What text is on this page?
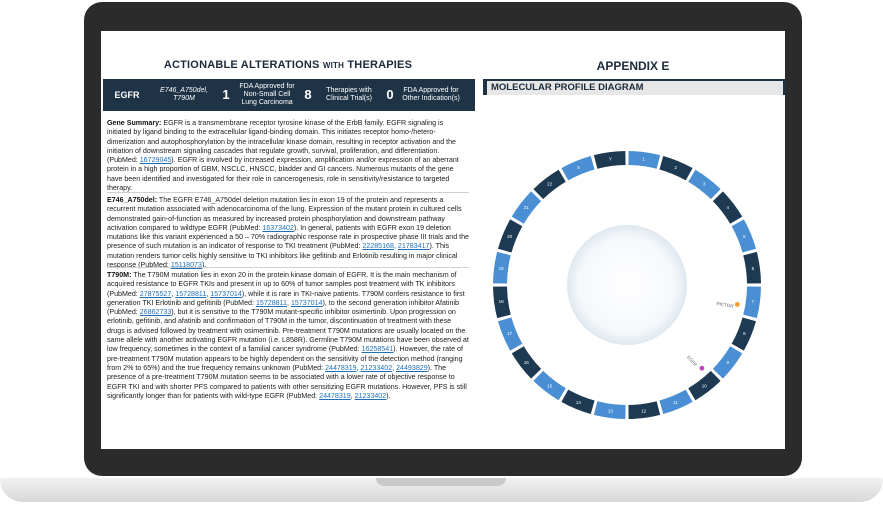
ACTIONABLE ALTERATIONS WITH THERAPIES
EGFR	E746_A750del,
T790M	1
FDA Approved for Non-Small Cell Lung Carcinoma
8	Therapies with Clinical Trial(s)	0	FDA Approved for Other Indication(s)
Gene Summary: EGFR is a transmembrane receptor tyrosine kinase of the ErbB family. EGFR signaling is initiated by ligand binding to the extracellular ligand-binding domain. This initiates receptor homo-/hetero-dimerization and autophosphorylation by the intracellular kinase domain, resulting in receptor activation and the initiation of downstream signaling cascades that regulate growth, survival, proliferation, and differentiation. (PubMed: 16729045). EGFR is involved by increased expression, amplification and/or expression of an aberrant protein in a high proportion of GBM, NSCLC, HNSCC, bladder and GI cancers. Numerous mutants of the gene have been identified and investigated for their role in cancerogenesis, role in sensitivity/resistance to targeted therapy.
E746_A750del: The EGFR E746_A750del deletion mutation lies in exon 19 of the protein and represents a recurrent mutation associated with adenocarcinoma of the lung. Expression of the mutant protein in cultured cells demonstrated gain-of-function as measured by increased protein phosphorylation and downstream pathway activation compared to wildtype EGFR (PubMed: 16373402). In general, patients with EGFR exon 19 deletion mutations like this variant experienced a 50 – 70% radiographic response rate in prospective phase III trials and the presence of such mutation is an indicator of response to TKI treatment (PubMed: 22285168, 21783417). This mutation renders tumor cells highly sensitive to TKI inhibitors like gefitinib and Erlotinib resulting in major clinical response (PubMed: 15118073).
T790M: The T790M mutation lies in exon 20 in the protein kinase domain of EGFR. It is the main mechanism of acquired resistance to EGFR TKIs and present in up to 60% of tumor samples post treatment with TK inhibitors (PubMed: 27875527, 15728811, 15737014), while it is rare in TKI-naive patients. T790M confers resistance to first generation TKI Erlotinib and gefitinib (PubMed: 15728811, 15737014), to the second generation inhibitor Afatinib (PubMed: 26862733), but it is sensitive to the T790M mutant-specific inhibitor osimertinib. Upon progression on erlotinib, gefitinib, and afatinib and confirmation of T790M in the tumor, discontinuation of treatment with these drugs is advised followed by treatment with osimertinib. Pre-treatment T790M mutations are usually located on the same allele with another activating EGFR mutation (i.e. L858R). Germline T790M mutations have been observed at low frequency, sometimes in the context of a familial cancer syndrome (PubMed: 16258541). However, the rate of pre-treatment T790M mutation appears to be highly dependent on the sensitivity of the detection method (ranging from 2% to 65%) and the true frequency remains unknown (PubMed: 24478319, 21233402, 24493829). The presence of a pre-treatment T790M mutation seems to be associated with a lower rate of objective response to EGFR TKI and with shorter PFS compared to patients with other sensitizing EGFR mutations. However, PFS is still significantly longer than for patients with wild-type EGFR (PubMed: 24478319, 21233402).
APPENDIX E
MOLECULAR PROFILE DIAGRAM
1
2
3
4
5
6
7
8
9
10
11
12
13
14
15
16
17
18
19
20
21
22
X
Y
RICTOR
EGFR
